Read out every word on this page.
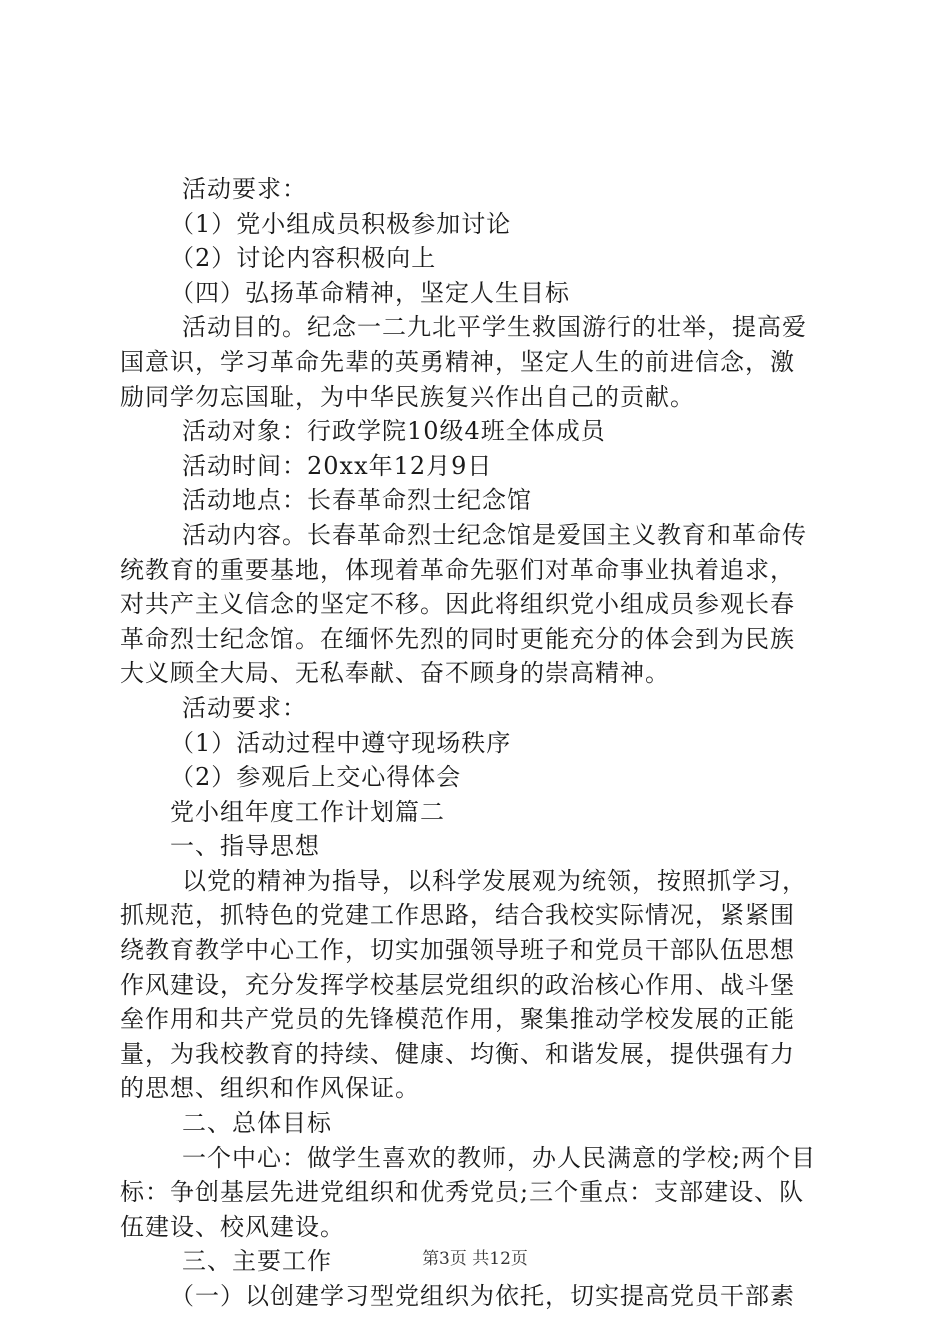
活动要求：
（1）党小组成员积极参加讨论
（2）讨论内容积极向上
（四）弘扬革命精神，坚定人生目标
活动目的。纪念一二九北平学生救国游行的壮举，提高爱
国意识，学习革命先辈的英勇精神，坚定人生的前进信念，激
励同学勿忘国耻，为中华民族复兴作出自己的贡献。
活动对象：行政学院10级4班全体成员
活动时间：20xx年12月9日
活动地点：长春革命烈士纪念馆
活动内容。长春革命烈士纪念馆是爱国主义教育和革命传
统教育的重要基地，体现着革命先驱们对革命事业执着追求，
对共产主义信念的坚定不移。因此将组织党小组成员参观长春
革命烈士纪念馆。在缅怀先烈的同时更能充分的体会到为民族
大义顾全大局、无私奉献、奋不顾身的崇高精神。
活动要求：
（1）活动过程中遵守现场秩序
（2）参观后上交心得体会
党小组年度工作计划篇二
一、指导思想
以党的精神为指导，以科学发展观为统领，按照抓学习，
抓规范，抓特色的党建工作思路，结合我校实际情况，紧紧围
绕教育教学中心工作，切实加强领导班子和党员干部队伍思想
作风建设，充分发挥学校基层党组织的政治核心作用、战斗堡
垒作用和共产党员的先锋模范作用，聚集推动学校发展的正能
量，为我校教育的持续、健康、均衡、和谐发展，提供强有力
的思想、组织和作风保证。
二、总体目标
一个中心：做学生喜欢的教师，办人民满意的学校;两个目
标：争创基层先进党组织和优秀党员;三个重点：支部建设、队
伍建设、校风建设。
三、主要工作
（一）以创建学习型党组织为依托，切实提高党员干部素
第3页 共12页
